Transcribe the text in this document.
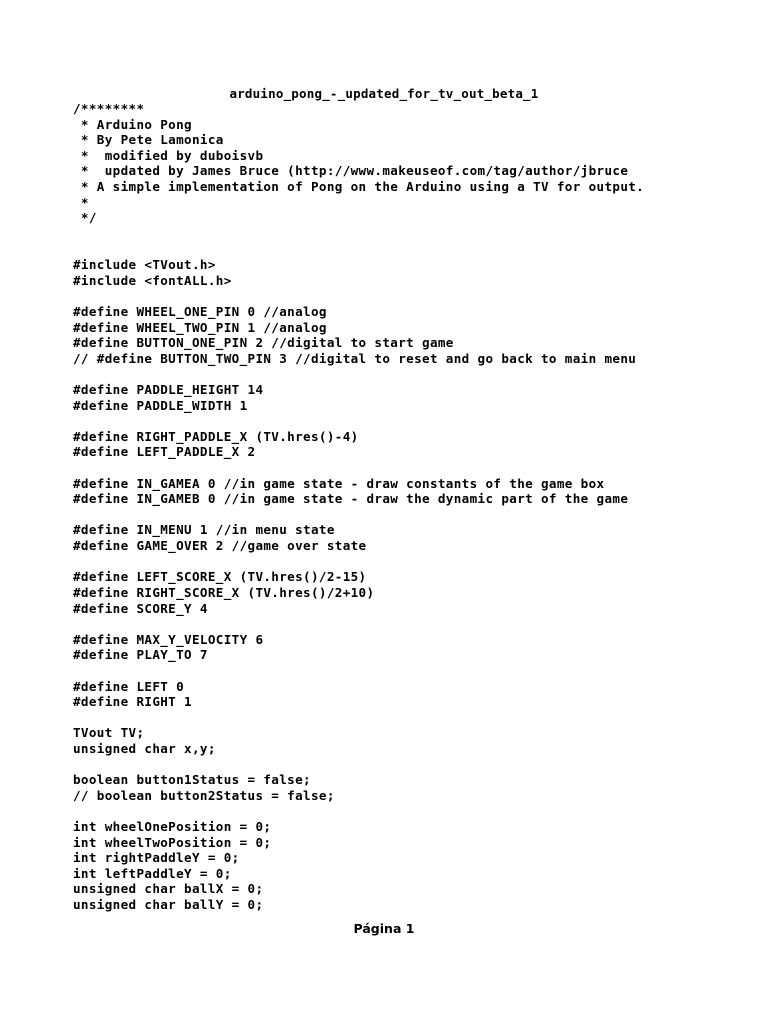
arduino_pong_-_updated_for_tv_out_beta_1
/********
* Arduino Pong
* By Pete Lamonica
*  modified by duboisvb
*  updated by James Bruce (http://www.makeuseof.com/tag/author/jbruce
* A simple implementation of Pong on the Arduino using a TV for output.
*
*/

#include <TVout.h>
#include <fontALL.h>

#define WHEEL_ONE_PIN 0 //analog
#define WHEEL_TWO_PIN 1 //analog
#define BUTTON_ONE_PIN 2 //digital to start game
// #define BUTTON_TWO_PIN 3 //digital to reset and go back to main menu

#define PADDLE_HEIGHT 14
#define PADDLE_WIDTH 1

#define RIGHT_PADDLE_X (TV.hres()-4)
#define LEFT_PADDLE_X 2

#define IN_GAMEA 0 //in game state - draw constants of the game box
#define IN_GAMEB 0 //in game state - draw the dynamic part of the game

#define IN_MENU 1 //in menu state
#define GAME_OVER 2 //game over state

#define LEFT_SCORE_X (TV.hres()/2-15)
#define RIGHT_SCORE_X (TV.hres()/2+10)
#define SCORE_Y 4

#define MAX_Y_VELOCITY 6
#define PLAY_TO 7

#define LEFT 0
#define RIGHT 1

TVout TV;
unsigned char x,y;

boolean button1Status = false;
// boolean button2Status = false;

int wheelOnePosition = 0;
int wheelTwoPosition = 0;
int rightPaddleY = 0;
int leftPaddleY = 0;
unsigned char ballX = 0;
unsigned char ballY = 0;
Página 1
